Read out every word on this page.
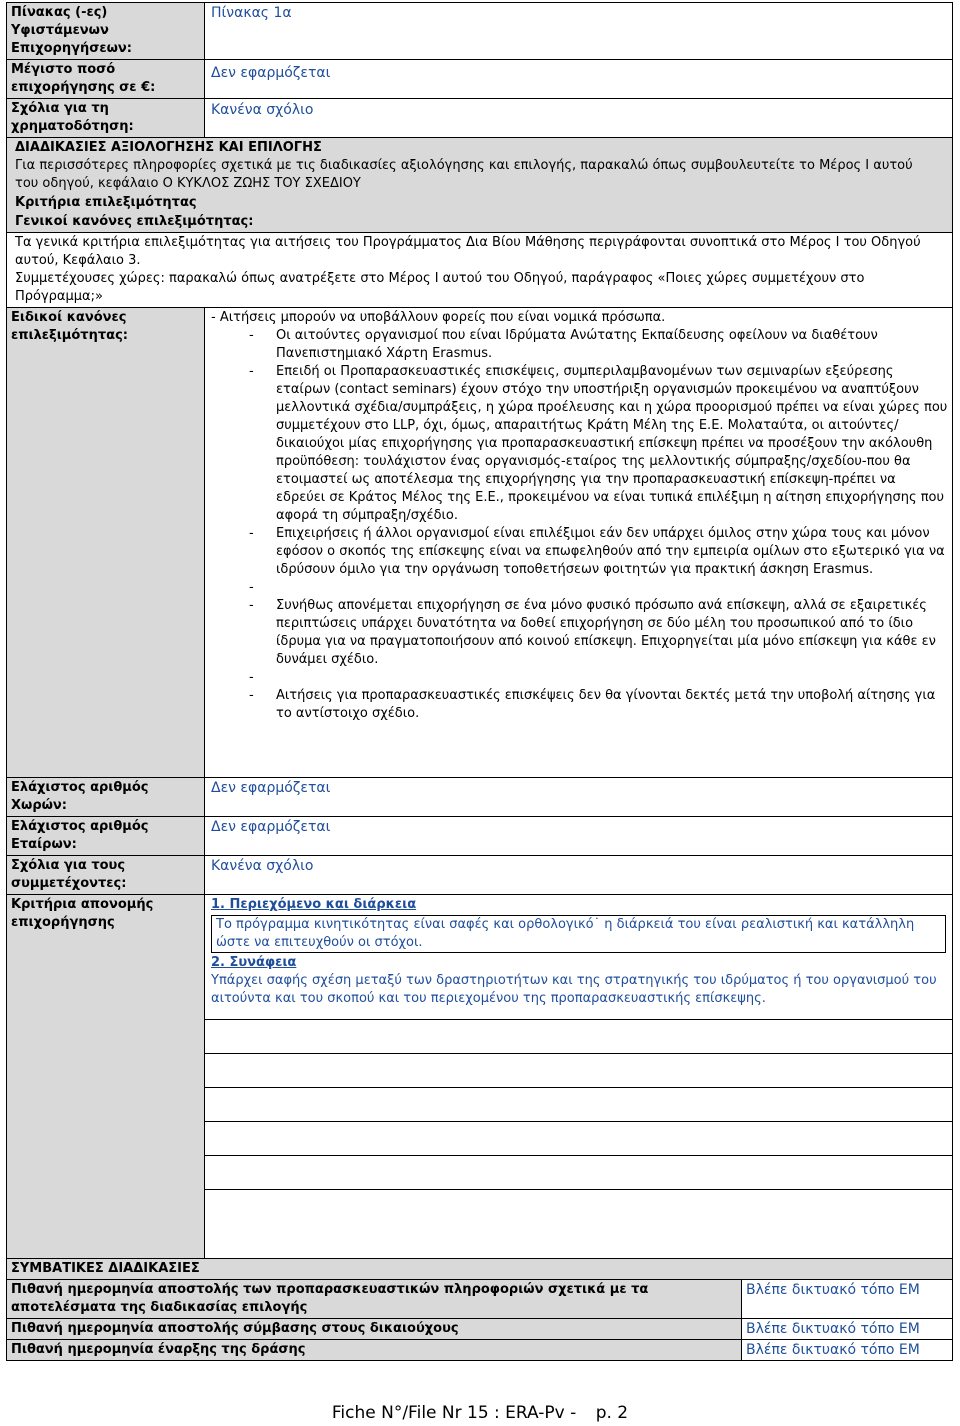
Πίνακας (-ες) Υφιστάμενων Επιχορηγήσεων:	Πίνακας 1α
Μέγιστο ποσό επιχορήγησης σε €:	Δεν εφαρμόζεται
Σχόλια για τη χρηματοδότηση:	Κανένα σχόλιο

ΔΙΑΔΙΚΑΣΙΕΣ ΑΞΙΟΛΟΓΗΣΗΣ ΚΑΙ ΕΠΙΛΟΓΗΣ
Για περισσότερες πληροφορίες σχετικά με τις διαδικασίες αξιολόγησης και επιλογής, παρακαλώ όπως συμβουλευτείτε το Μέρος Ι αυτού του οδηγού, κεφάλαιο Ο ΚΥΚΛΟΣ ΖΩΗΣ ΤΟΥ ΣΧΕΔΙΟΥ
Κριτήρια επιλεξιμότητας
Γενικοί κανόνες επιλεξιμότητας:

Τα γενικά κριτήρια επιλεξιμότητας για αιτήσεις του Προγράμματος Δια Βίου Μάθησης περιγράφονται συνοπτικά στο Μέρος Ι του Οδηγού αυτού, Κεφάλαιο 3.
Συμμετέχουσες χώρες: παρακαλώ όπως ανατρέξετε στο Μέρος Ι αυτού του Οδηγού, παράγραφος «Ποιες χώρες συμμετέχουν στο Πρόγραμμα;»

Ειδικοί κανόνες επιλεξιμότητας:	
- Αιτήσεις μπορούν να υποβάλλουν φορείς που είναι νομικά πρόσωπα.
- Οι αιτούντες οργανισμοί που είναι Ιδρύματα Ανώτατης Εκπαίδευσης οφείλουν να διαθέτουν Πανεπιστημιακό Χάρτη Erasmus.
- Επειδή οι Προπαρασκευαστικές επισκέψεις, συμπεριλαμβανομένων των σεμιναρίων εξεύρεσης εταίρων (contact seminars) έχουν στόχο την υποστήριξη οργανισμών προκειμένου να αναπτύξουν μελλοντικά σχέδια/συμπράξεις, η χώρα προέλευσης και η χώρα προορισμού πρέπει να είναι χώρες που συμμετέχουν στο LLP, όχι, όμως, απαραιτήτως Κράτη Μέλη της Ε.Ε. Μολαταύτα, οι αιτούντες/δικαιούχοι μίας επιχορήγησης για προπαρασκευαστική επίσκεψη πρέπει να προσέξουν την ακόλουθη προϋπόθεση: τουλάχιστον ένας οργανισμός-εταίρος της μελλοντικής σύμπραξης/σχεδίου-που θα ετοιμαστεί ως αποτέλεσμα της επιχορήγησης για την προπαρασκευαστική επίσκεψη-πρέπει να εδρεύει σε Κράτος Μέλος της Ε.Ε., προκειμένου να είναι τυπικά επιλέξιμη η αίτηση επιχορήγησης που αφορά τη σύμπραξη/σχέδιο.
- Επιχειρήσεις ή άλλοι οργανισμοί είναι επιλέξιμοι εάν δεν υπάρχει όμιλος στην χώρα τους και μόνον εφόσον ο σκοπός της επίσκεψης είναι να επωφεληθούν από την εμπειρία ομίλων στο εξωτερικό για να ιδρύσουν όμιλο για την οργάνωση τοποθετήσεων φοιτητών για πρακτική άσκηση Erasmus.
-
- Συνήθως απονέμεται επιχορήγηση σε ένα μόνο φυσικό πρόσωπο ανά επίσκεψη, αλλά σε εξαιρετικές περιπτώσεις υπάρχει δυνατότητα να δοθεί επιχορήγηση σε δύο μέλη του προσωπικού από το ίδιο ίδρυμα για να πραγματοποιήσουν από κοινού επίσκεψη. Επιχορηγείται μία μόνο επίσκεψη για κάθε εν δυνάμει σχέδιο.
-
- Αιτήσεις για προπαρασκευαστικές επισκέψεις δεν θα γίνονται δεκτές μετά την υποβολή αίτησης για το αντίστοιχο σχέδιο.

Ελάχιστος αριθμός Χωρών:	Δεν εφαρμόζεται
Ελάχιστος αριθμός Εταίρων:	Δεν εφαρμόζεται
Σχόλια για τους συμμετέχοντες:	Κανένα σχόλιο
Κριτήρια απονομής επιχορήγησης	
1. Περιεχόμενο και διάρκεια
Το πρόγραμμα κινητικότητας είναι σαφές και ορθολογικό˙ η διάρκειά του είναι ρεαλιστική και κατάλληλη ώστε να επιτευχθούν οι στόχοι.
2. Συνάφεια
Υπάρχει σαφής σχέση μεταξύ των δραστηριοτήτων και της στρατηγικής του ιδρύματος ή του οργανισμού του αιτούντα και του σκοπού και του περιεχομένου της προπαρασκευαστικής επίσκεψης.

ΣΥΜΒΑΤΙΚΕΣ ΔΙΑΔΙΚΑΣΙΕΣ	
Πιθανή ημερομηνία αποστολής των προπαρασκευαστικών πληροφοριών σχετικά με τα αποτελέσματα της διαδικασίας επιλογής	Βλέπε δικτυακό τόπο ΕΜ
Πιθανή ημερομηνία αποστολής σύμβασης στους δικαιούχους	Βλέπε δικτυακό τόπο ΕΜ
Πιθανή ημερομηνία έναρξης της δράσης	Βλέπε δικτυακό τόπο ΕΜ
Fiche N°/File Nr 15 : ERA-Pv - p. 2
